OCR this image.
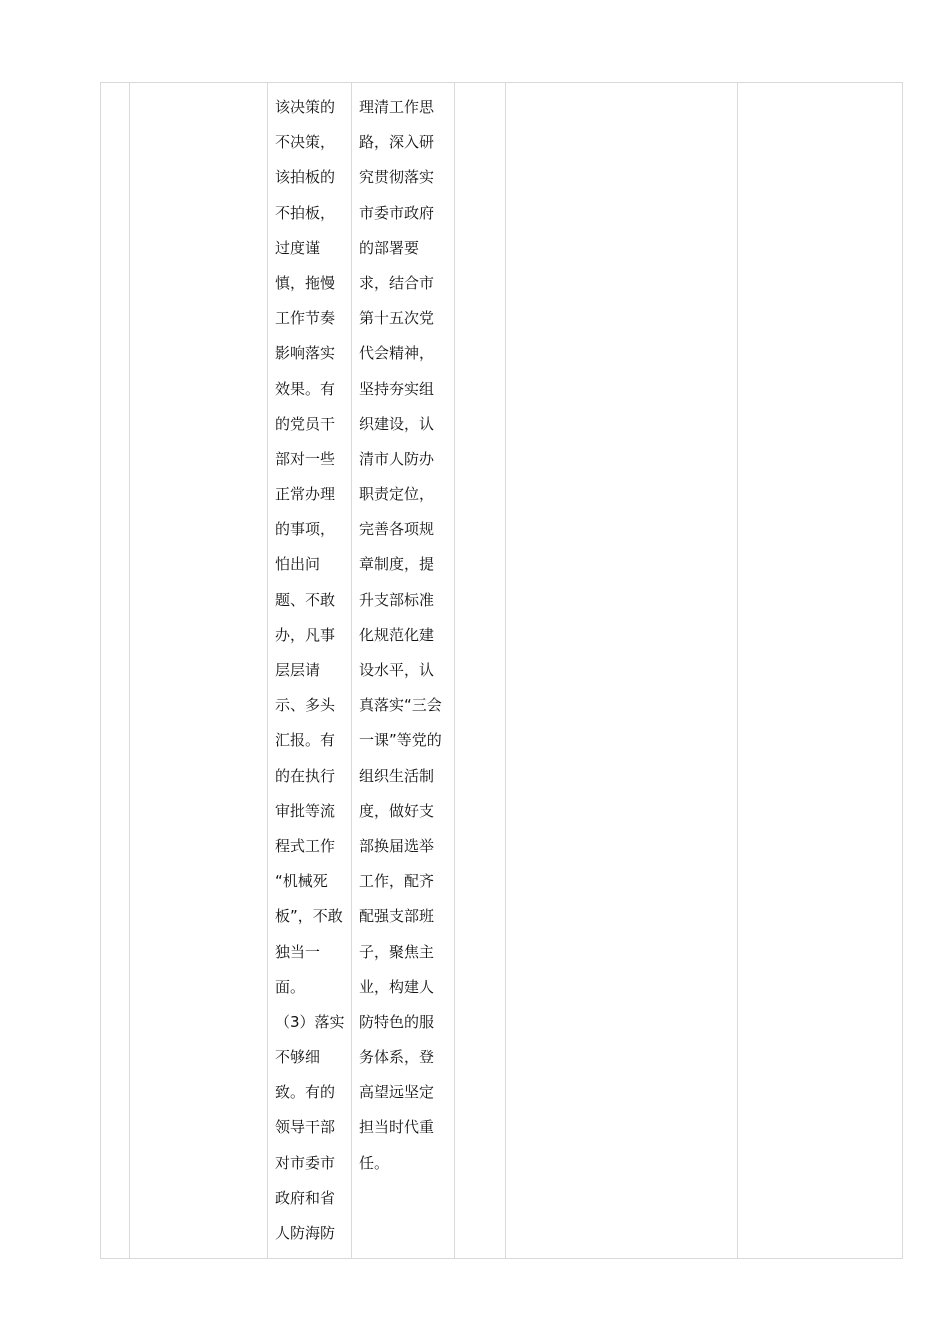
该决策的
不决策，
该拍板的
不拍板，
过度谨
慎，拖慢
工作节奏
影响落实
效果。有
的党员干
部对一些
正常办理
的事项，
怕出问
题、不敢
办，凡事
层层请
示、多头
汇报。有
的在执行
审批等流
程式工作
“机械死
板”，不敢
独当一
面。
（3）落实
不够细
致。有的
领导干部
对市委市
政府和省
人防海防

理清工作思
路，深入研
究贯彻落实
市委市政府
的部署要
求，结合市
第十五次党
代会精神，
坚持夯实组
织建设，认
清市人防办
职责定位，
完善各项规
章制度，提
升支部标准
化规范化建
设水平，认
真落实“三会
一课”等党的
组织生活制
度，做好支
部换届选举
工作，配齐
配强支部班
子，聚焦主
业，构建人
防特色的服
务体系，登
高望远坚定
担当时代重
任。
